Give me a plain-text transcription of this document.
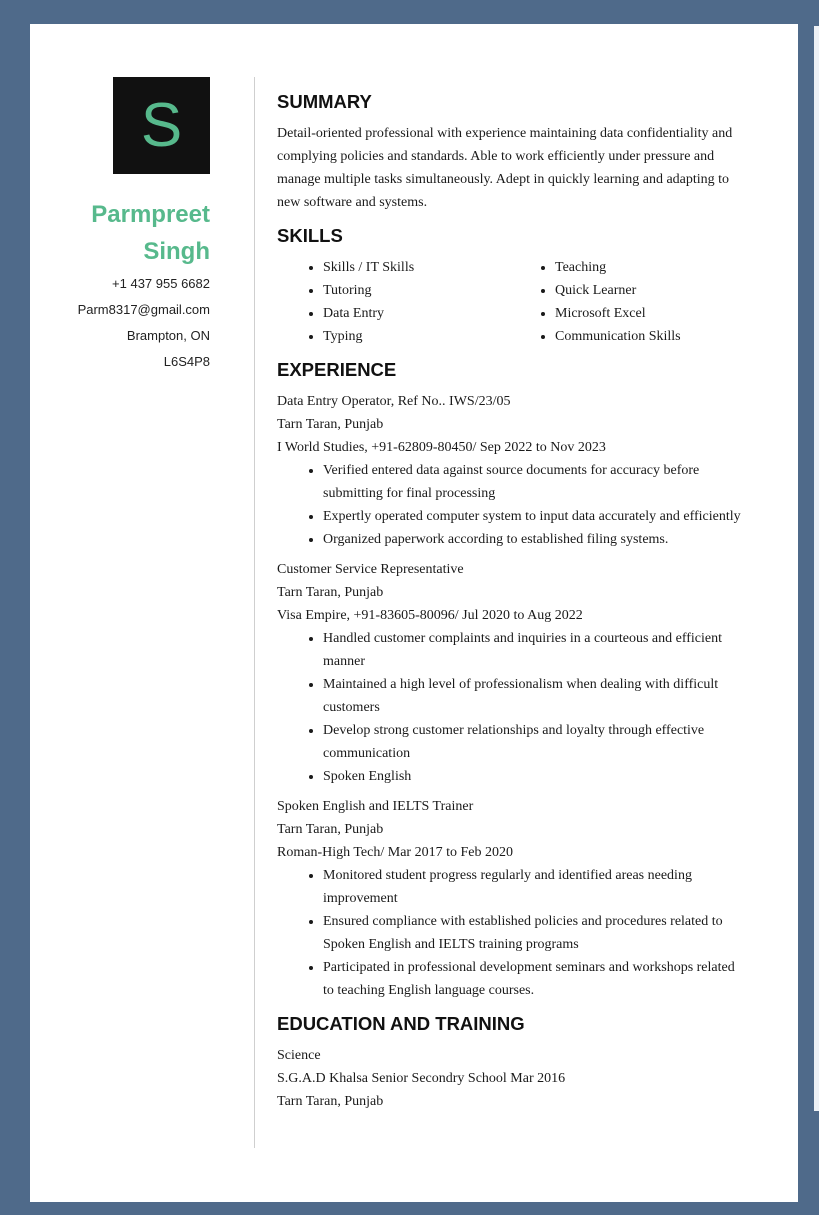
S
Parmpreet Singh
+1 437 955 6682
Parm8317@gmail.com
Brampton, ON
L6S4P8
SUMMARY

Detail-oriented professional with experience maintaining data confidentiality and complying policies and standards. Able to work efficiently under pressure and manage multiple tasks simultaneously. Adept in quickly learning and adapting to new software and systems.

SKILLS
• Skills / IT Skills
• Tutoring
• Data Entry
• Typing
• Teaching
• Quick Learner
• Microsoft Excel
• Communication Skills
EXPERIENCE

Data Entry Operator, Ref No.. IWS/23/05

Tarn Taran, Punjab

I World Studies, +91-62809-80450/ Sep 2022 to Nov 2023

• Verified entered data against source documents for accuracy before submitting for final processing
• Expertly operated computer system to input data accurately and efficiently
• Organized paperwork according to established filing systems.

Customer Service Representative

Tarn Taran, Punjab

Visa Empire, +91-83605-80096/ Jul 2020 to Aug 2022

• Handled customer complaints and inquiries in a courteous and efficient manner
• Maintained a high level of professionalism when dealing with difficult customers
• Develop strong customer relationships and loyalty through effective communication
• Spoken English

Spoken English and IELTS Trainer

Tarn Taran, Punjab

Roman-High Tech/ Mar 2017 to Feb 2020

• Monitored student progress regularly and identified areas needing improvement
• Ensured compliance with established policies and procedures related to Spoken English and IELTS training programs
• Participated in professional development seminars and workshops related to teaching English language courses.
EDUCATION AND TRAINING

Science

S.G.A.D Khalsa Senior Secondry School Mar 2016

Tarn Taran, Punjab
